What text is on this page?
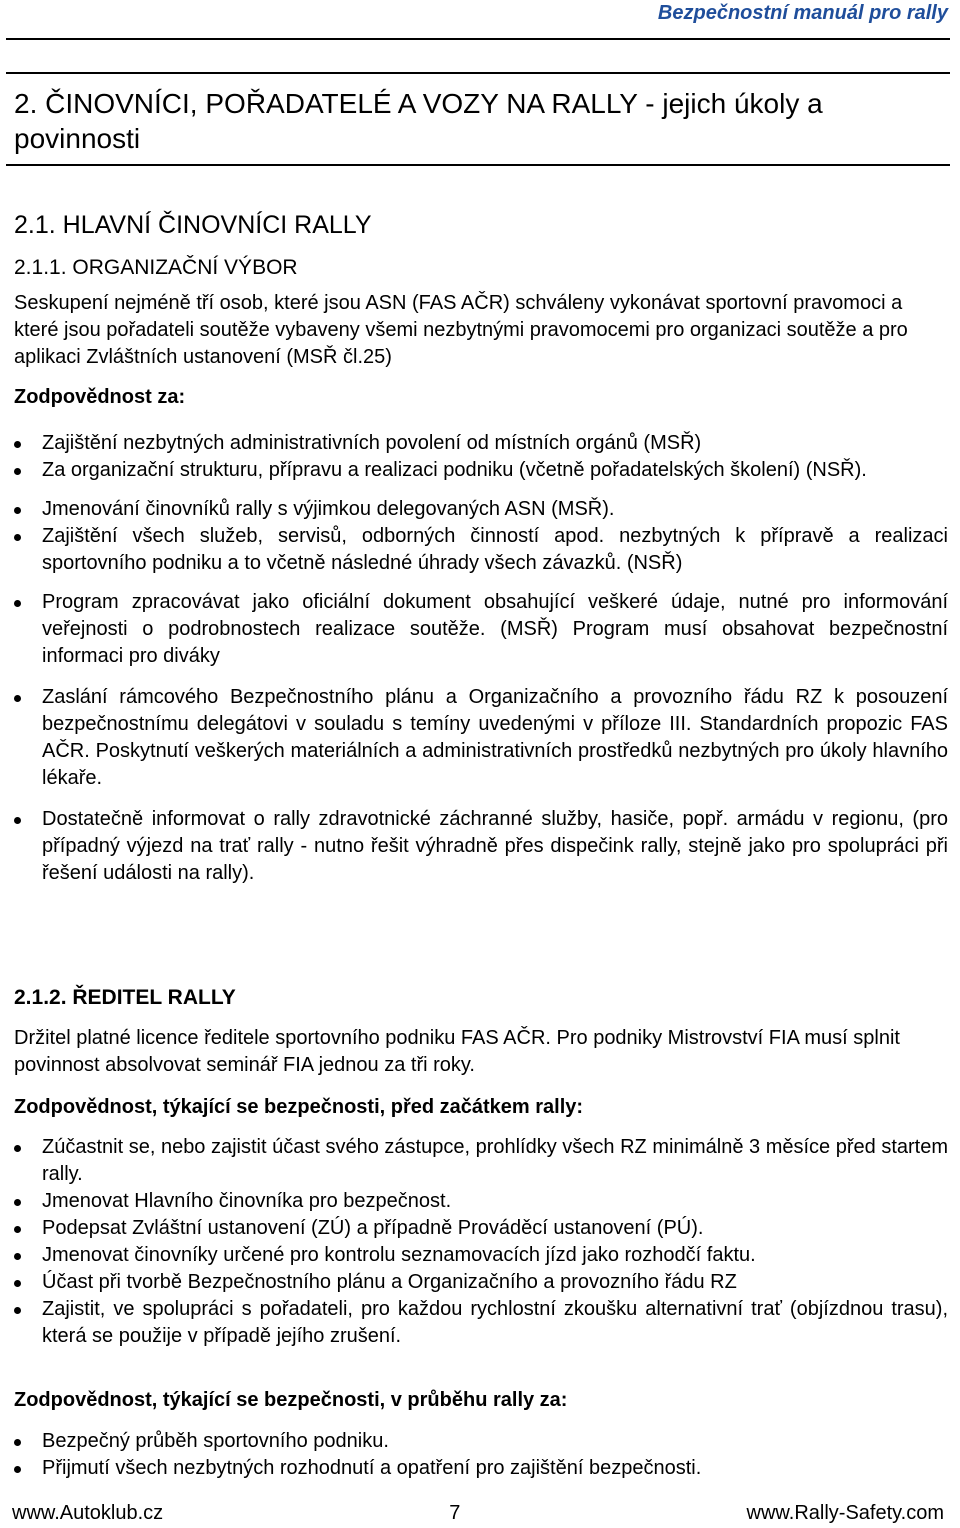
Bezpečnostní manuál pro rally
2. ČINOVNÍCI, POŘADATELÉ A VOZY NA RALLY - jejich úkoly a povinnosti
2.1. HLAVNÍ ČINOVNÍCI RALLY
2.1.1. ORGANIZAČNÍ VÝBOR

Seskupení nejméně tří osob, které jsou ASN (FAS AČR) schváleny vykonávat sportovní pravomoci a které jsou pořadateli soutěže vybaveny všemi nezbytnými pravomocemi pro organizaci soutěže a pro aplikaci Zvláštních ustanovení (MSŘ čl.25)

Zodpovědnost za:

Zajištění nezbytných administrativních povolení od místních orgánů (MSŘ)
Za organizační strukturu, přípravu a realizaci podniku (včetně pořadatelských školení) (NSŘ).
Jmenování činovníků rally s výjimkou delegovaných ASN (MSŘ).
Zajištění všech služeb, servisů, odborných činností apod. nezbytných k přípravě a realizaci sportovního podniku a to včetně následné úhrady všech závazků. (NSŘ)
Program zpracovávat jako oficiální dokument obsahující veškeré údaje, nutné pro informování veřejnosti o podrobnostech realizace soutěže. (MSŘ) Program musí obsahovat bezpečnostní informaci pro diváky
Zaslání rámcového Bezpečnostního plánu a Organizačního a provozního řádu RZ k posouzení bezpečnostnímu delegátovi v souladu s temíny uvedenými v příloze III. Standardních propozic FAS AČR. Poskytnutí veškerých materiálních a administrativních prostředků nezbytných pro úkoly hlavního lékaře.
Dostatečně informovat o rally zdravotnické záchranné služby, hasiče, popř. armádu v regionu, (pro případný výjezd na trať rally - nutno řešit výhradně přes dispečink rally, stejně jako pro spolupráci při řešení události na rally).
2.1.2. ŘEDITEL RALLY

Držitel platné licence ředitele sportovního podniku FAS AČR. Pro podniky Mistrovství FIA musí splnit povinnost absolvovat seminář FIA jednou za tři roky.

Zodpovědnost, týkající se bezpečnosti, před začátkem rally:

Zúčastnit se, nebo zajistit účast svého zástupce, prohlídky všech RZ minimálně 3 měsíce před startem rally.
Jmenovat Hlavního činovníka pro bezpečnost.
Podepsat Zvláštní ustanovení (ZÚ) a případně Prováděcí ustanovení (PÚ).
Jmenovat činovníky určené pro kontrolu seznamovacích jízd jako rozhodčí faktu.
Účast při tvorbě Bezpečnostního plánu a Organizačního a provozního řádu RZ
Zajistit, ve spolupráci s pořadateli, pro každou rychlostní zkoušku alternativní trať (objízdnou trasu), která se použije v případě jejího zrušení.

Zodpovědnost, týkající se bezpečnosti, v průběhu rally za:

Bezpečný průběh sportovního podniku.
Přijmutí všech nezbytných rozhodnutí a opatření pro zajištění bezpečnosti.
www.Autoklub.cz	7	www.Rally-Safety.com
